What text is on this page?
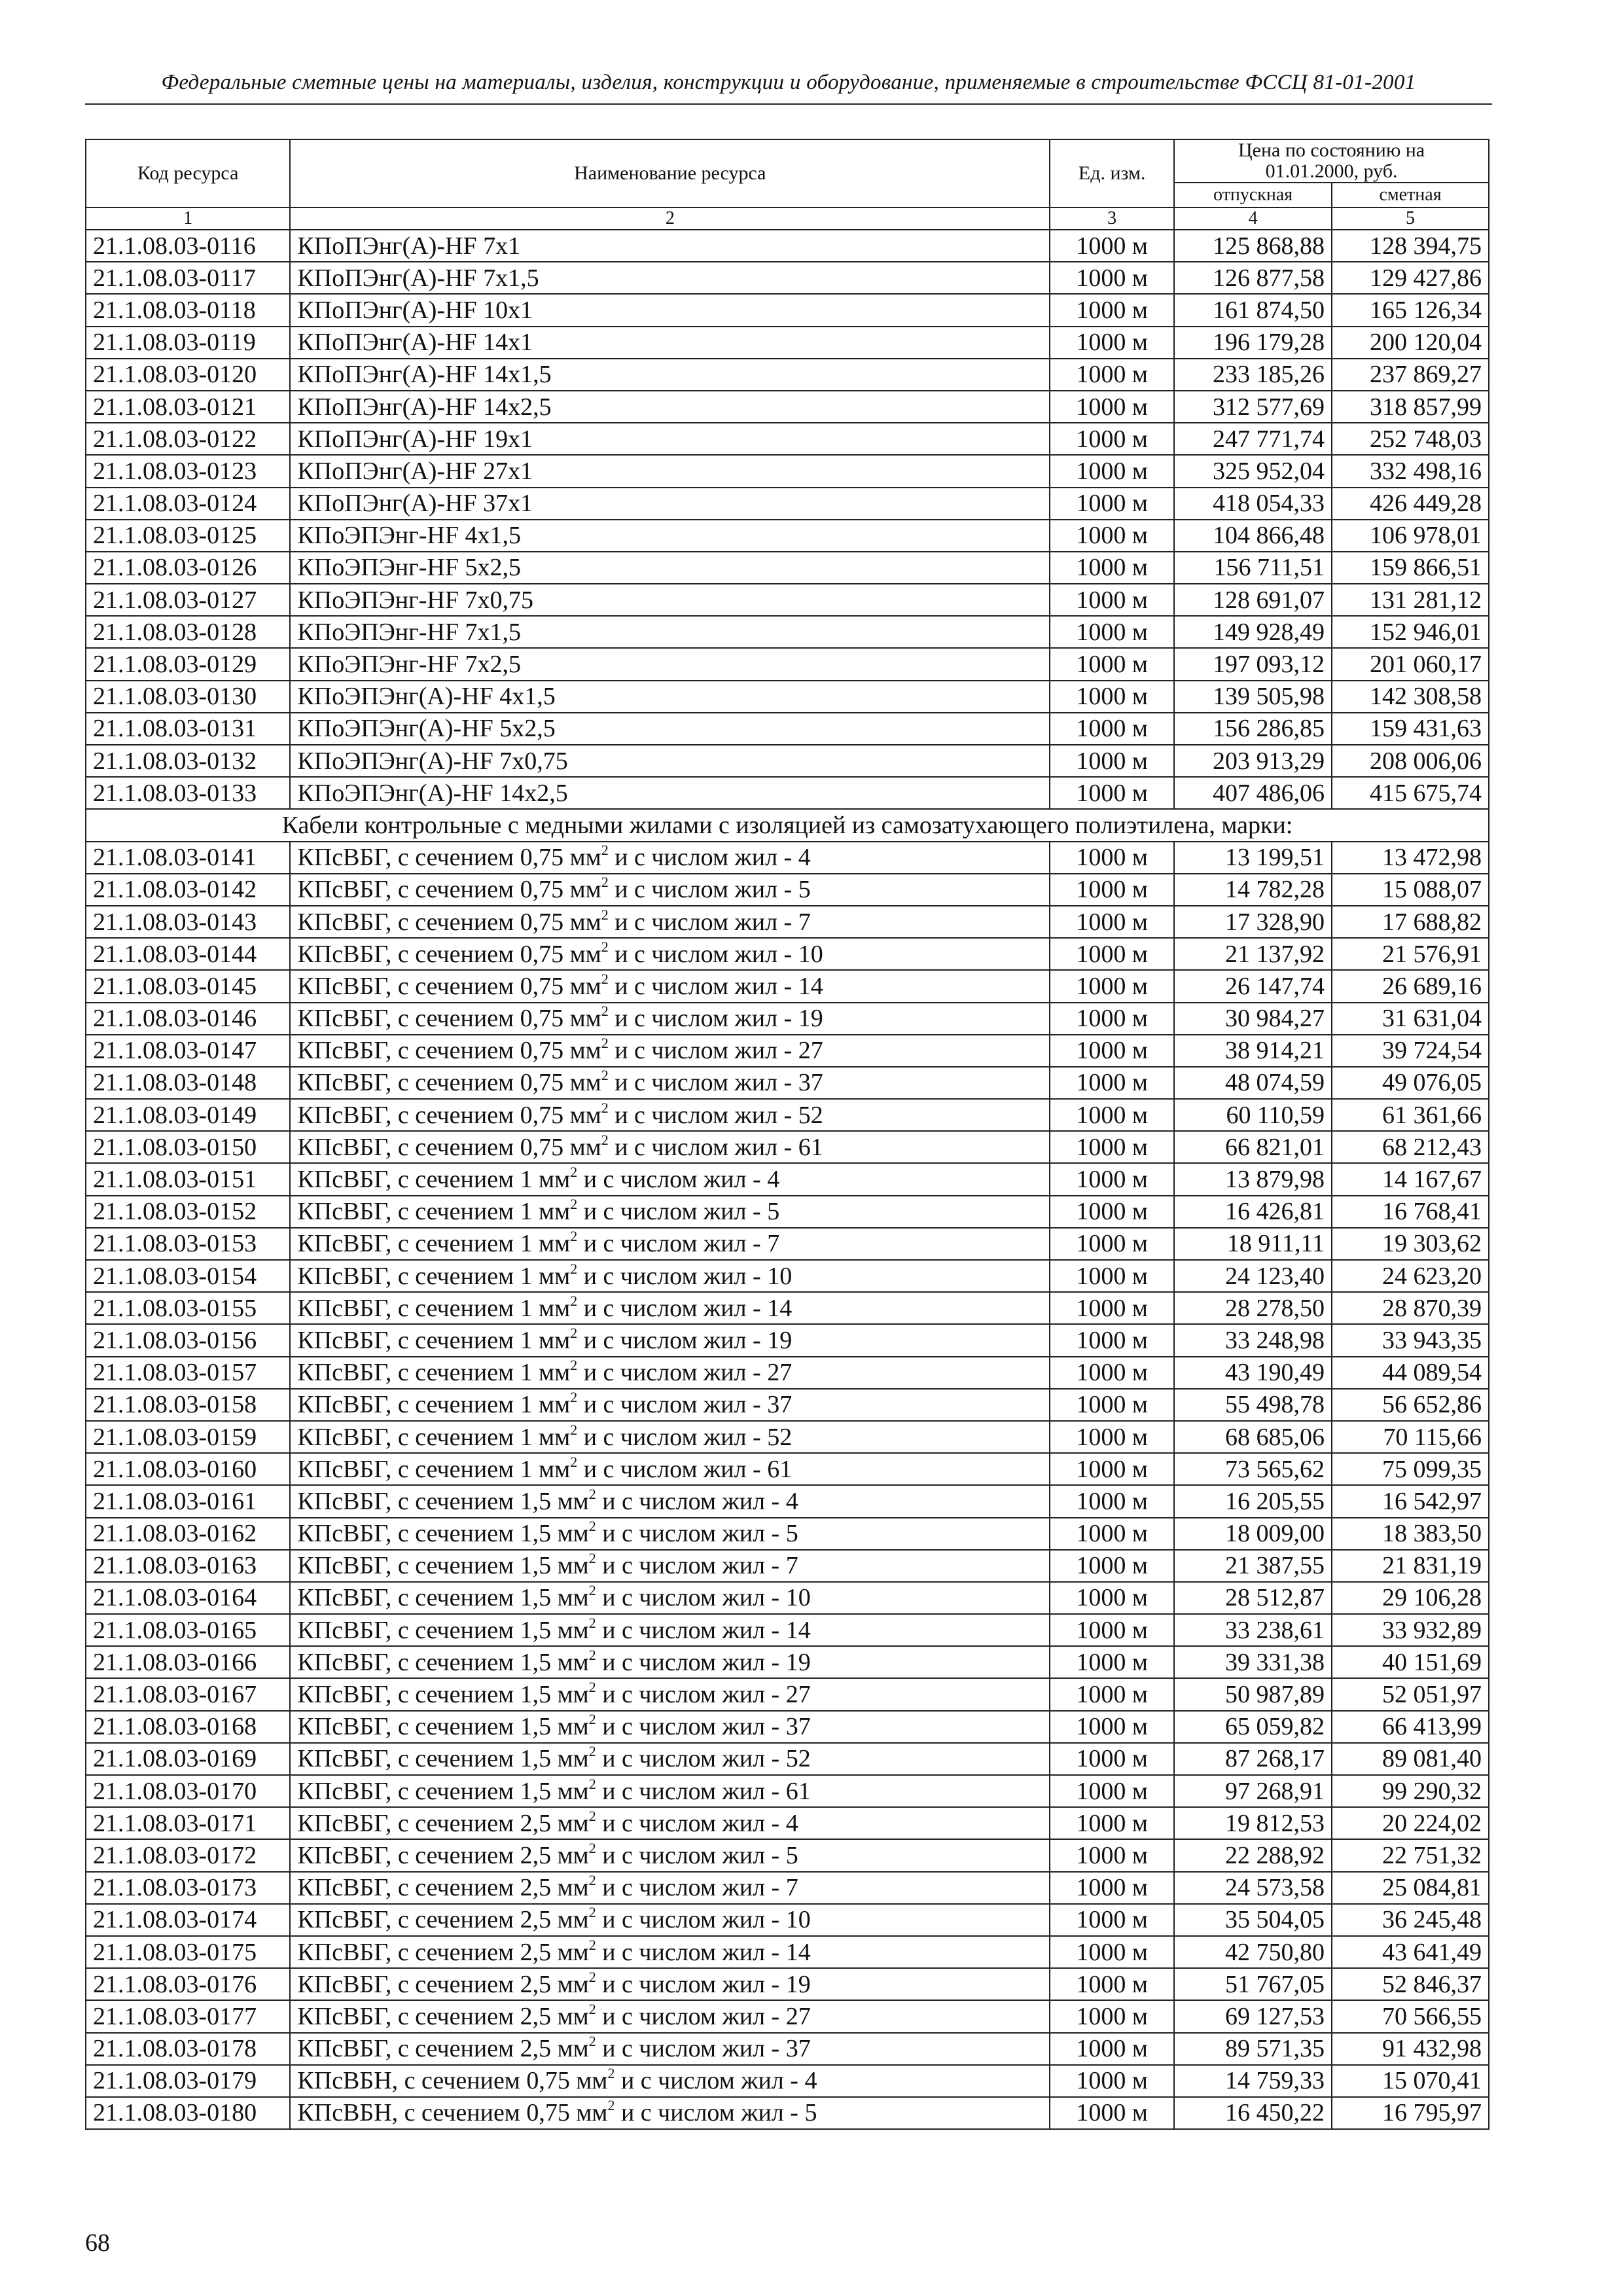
Федеральные сметные цены на материалы, изделия, конструкции и оборудование, применяемые в строительстве ФССЦ 81-01-2001
Код ресурса	Наименование ресурса	Ед. изм.	Цена по состоянию на 01.01.2000, руб.	
			отпускная	сметная
1	2	3	4	5
21.1.08.03-0116	КПоПЭнг(А)-HF 7x1	1000 м	125 868,88	128 394,75
21.1.08.03-0117	КПоПЭнг(А)-HF 7x1,5	1000 м	126 877,58	129 427,86
21.1.08.03-0118	КПоПЭнг(А)-HF 10x1	1000 м	161 874,50	165 126,34
21.1.08.03-0119	КПоПЭнг(А)-HF 14x1	1000 м	196 179,28	200 120,04
21.1.08.03-0120	КПоПЭнг(А)-HF 14x1,5	1000 м	233 185,26	237 869,27
21.1.08.03-0121	КПоПЭнг(А)-HF 14x2,5	1000 м	312 577,69	318 857,99
21.1.08.03-0122	КПоПЭнг(А)-HF 19x1	1000 м	247 771,74	252 748,03
21.1.08.03-0123	КПоПЭнг(А)-HF 27x1	1000 м	325 952,04	332 498,16
21.1.08.03-0124	КПоПЭнг(А)-HF 37x1	1000 м	418 054,33	426 449,28
21.1.08.03-0125	КПоЭПЭнг-HF 4x1,5	1000 м	104 866,48	106 978,01
21.1.08.03-0126	КПоЭПЭнг-HF 5x2,5	1000 м	156 711,51	159 866,51
21.1.08.03-0127	КПоЭПЭнг-HF 7x0,75	1000 м	128 691,07	131 281,12
21.1.08.03-0128	КПоЭПЭнг-HF 7x1,5	1000 м	149 928,49	152 946,01
21.1.08.03-0129	КПоЭПЭнг-HF 7x2,5	1000 м	197 093,12	201 060,17
21.1.08.03-0130	КПоЭПЭнг(А)-HF 4x1,5	1000 м	139 505,98	142 308,58
21.1.08.03-0131	КПоЭПЭнг(А)-HF 5x2,5	1000 м	156 286,85	159 431,63
21.1.08.03-0132	КПоЭПЭнг(А)-HF 7x0,75	1000 м	203 913,29	208 006,06
21.1.08.03-0133	КПоЭПЭнг(А)-HF 14x2,5	1000 м	407 486,06	415 675,74
Кабели контрольные с медными жилами с изоляцией из самозатухающего полиэтилена, марки:				
21.1.08.03-0141	КПсВБГ, с сечением 0,75 $мм^2$ и с числом жил - 4	1000 м	13 199,51	13 472,98
21.1.08.03-0142	КПсВБГ, с сечением 0,75 $мм^2$ и с числом жил - 5	1000 м	14 782,28	15 088,07
21.1.08.03-0143	КПсВБГ, с сечением 0,75 $мм^2$ и с числом жил - 7	1000 м	17 328,90	17 688,82
21.1.08.03-0144	КПсВБГ, с сечением 0,75 $мм^2$ и с числом жил - 10	1000 м	21 137,92	21 576,91
21.1.08.03-0145	КПсВБГ, с сечением 0,75 $мм^2$ и с числом жил - 14	1000 м	26 147,74	26 689,16
21.1.08.03-0146	КПсВБГ, с сечением 0,75 $мм^2$ и с числом жил - 19	1000 м	30 984,27	31 631,04
21.1.08.03-0147	КПсВБГ, с сечением 0,75 $мм^2$ и с числом жил - 27	1000 м	38 914,21	39 724,54
21.1.08.03-0148	КПсВБГ, с сечением 0,75 $мм^2$ и с числом жил - 37	1000 м	48 074,59	49 076,05
21.1.08.03-0149	КПсВБГ, с сечением 0,75 $мм^2$ и с числом жил - 52	1000 м	60 110,59	61 361,66
21.1.08.03-0150	КПсВБГ, с сечением 0,75 $мм^2$ и с числом жил - 61	1000 м	66 821,01	68 212,43
21.1.08.03-0151	КПсВБГ, с сечением 1 $мм^2$ и с числом жил - 4	1000 м	13 879,98	14 167,67
21.1.08.03-0152	КПсВБГ, с сечением 1 $мм^2$ и с числом жил - 5	1000 м	16 426,81	16 768,41
21.1.08.03-0153	КПсВБГ, с сечением 1 $мм^2$ и с числом жил - 7	1000 м	18 911,11	19 303,62
21.1.08.03-0154	КПсВБГ, с сечением 1 $мм^2$ и с числом жил - 10	1000 м	24 123,40	24 623,20
21.1.08.03-0155	КПсВБГ, с сечением 1 $мм^2$ и с числом жил - 14	1000 м	28 278,50	28 870,39
21.1.08.03-0156	КПсВБГ, с сечением 1 $мм^2$ и с числом жил - 19	1000 м	33 248,98	33 943,35
21.1.08.03-0157	КПсВБГ, с сечением 1 $мм^2$ и с числом жил - 27	1000 м	43 190,49	44 089,54
21.1.08.03-0158	КПсВБГ, с сечением 1 $мм^2$ и с числом жил - 37	1000 м	55 498,78	56 652,86
21.1.08.03-0159	КПсВБГ, с сечением 1 $мм^2$ и с числом жил - 52	1000 м	68 685,06	70 115,66
21.1.08.03-0160	КПсВБГ, с сечением 1 $мм^2$ и с числом жил - 61	1000 м	73 565,62	75 099,35
21.1.08.03-0161	КПсВБГ, с сечением 1,5 $мм^2$ и с числом жил - 4	1000 м	16 205,55	16 542,97
21.1.08.03-0162	КПсВБГ, с сечением 1,5 $мм^2$ и с числом жил - 5	1000 м	18 009,00	18 383,50
21.1.08.03-0163	КПсВБГ, с сечением 1,5 $мм^2$ и с числом жил - 7	1000 м	21 387,55	21 831,19
21.1.08.03-0164	КПсВБГ, с сечением 1,5 $мм^2$ и с числом жил - 10	1000 м	28 512,87	29 106,28
21.1.08.03-0165	КПсВБГ, с сечением 1,5 $мм^2$ и с числом жил - 14	1000 м	33 238,61	33 932,89
21.1.08.03-0166	КПсВБГ, с сечением 1,5 $мм^2$ и с числом жил - 19	1000 м	39 331,38	40 151,69
21.1.08.03-0167	КПсВБГ, с сечением 1,5 $мм^2$ и с числом жил - 27	1000 м	50 987,89	52 051,97
21.1.08.03-0168	КПсВБГ, с сечением 1,5 $мм^2$ и с числом жил - 37	1000 м	65 059,82	66 413,99
21.1.08.03-0169	КПсВБГ, с сечением 1,5 $мм^2$ и с числом жил - 52	1000 м	87 268,17	89 081,40
21.1.08.03-0170	КПсВБГ, с сечением 1,5 $мм^2$ и с числом жил - 61	1000 м	97 268,91	99 290,32
21.1.08.03-0171	КПсВБГ, с сечением 2,5 $мм^2$ и с числом жил - 4	1000 м	19 812,53	20 224,02
21.1.08.03-0172	КПсВБГ, с сечением 2,5 $мм^2$ и с числом жил - 5	1000 м	22 288,92	22 751,32
21.1.08.03-0173	КПсВБГ, с сечением 2,5 $мм^2$ и с числом жил - 7	1000 м	24 573,58	25 084,81
21.1.08.03-0174	КПсВБГ, с сечением 2,5 $мм^2$ и с числом жил - 10	1000 м	35 504,05	36 245,48
21.1.08.03-0175	КПсВБГ, с сечением 2,5 $мм^2$ и с числом жил - 14	1000 м	42 750,80	43 641,49
21.1.08.03-0176	КПсВБГ, с сечением 2,5 $мм^2$ и с числом жил - 19	1000 м	51 767,05	52 846,37
21.1.08.03-0177	КПсВБГ, с сечением 2,5 $мм^2$ и с числом жил - 27	1000 м	69 127,53	70 566,55
21.1.08.03-0178	КПсВБГ, с сечением 2,5 $мм^2$ и с числом жил - 37	1000 м	89 571,35	91 432,98
21.1.08.03-0179	КПсВБН, с сечением 0,75 $мм^2$ и с числом жил - 4	1000 м	14 759,33	15 070,41
21.1.08.03-0180	КПсВБН, с сечением 0,75 $мм^2$ и с числом жил - 5	1000 м	16 450,22	16 795,97
68
